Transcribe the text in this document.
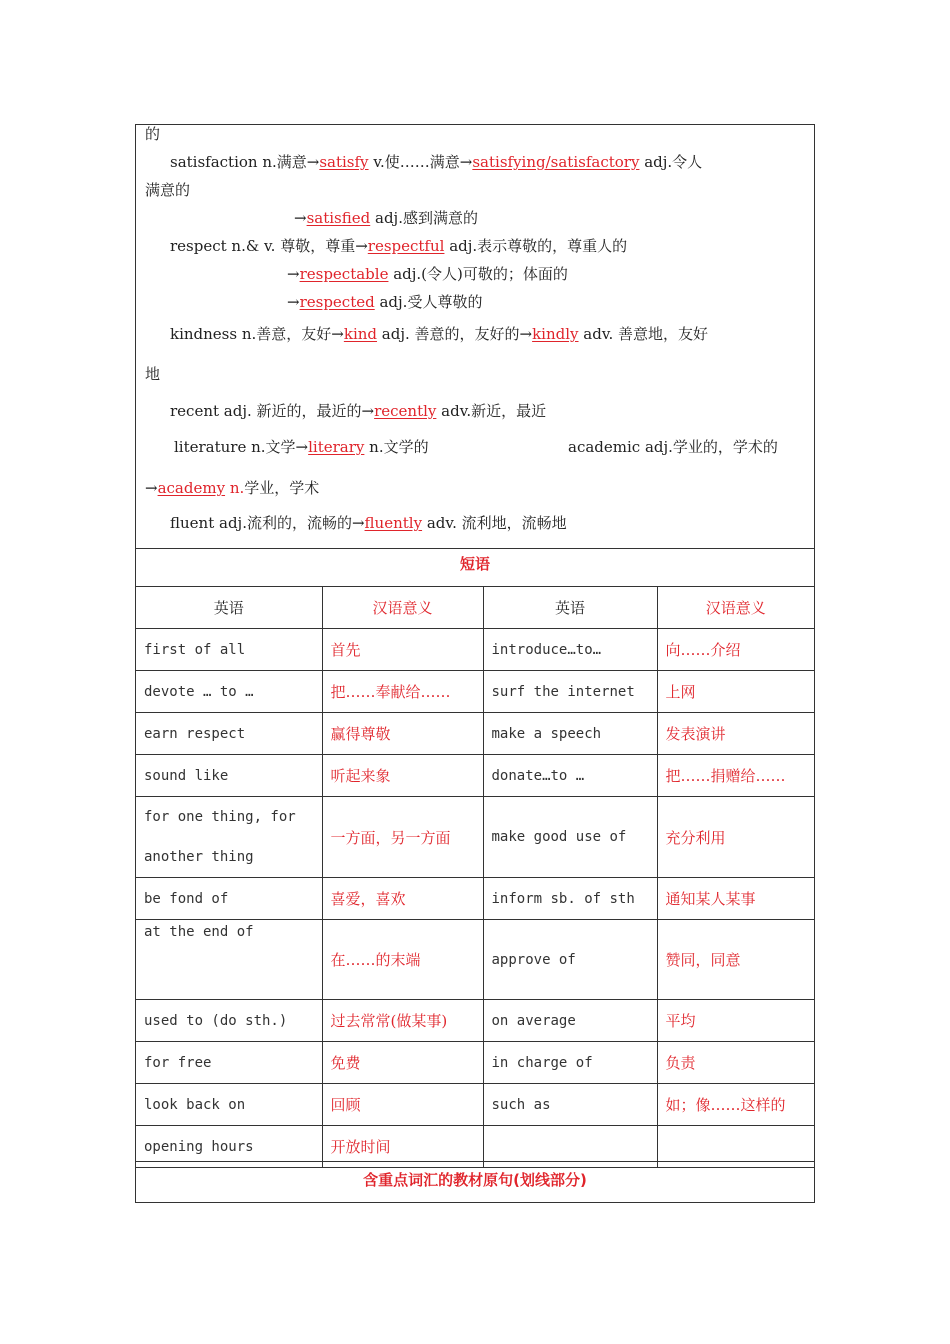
的
satisfaction n.满意→satisfy v.使……满意→satisfying/satisfactory adj.令人
满意的
→satisfied adj.感到满意的
respect n.& v. 尊敬，尊重→respectful adj.表示尊敬的，尊重人的
→respectable adj.(令人)可敬的；体面的
→respected adj.受人尊敬的
kindness n.善意，友好→kind adj. 善意的，友好的→kindly adv. 善意地，友好
地
recent adj. 新近的，最近的→recently adv.新近，最近
literature n.文学→literary n.文学的	academic adj.学业的，学术的
→academy n.学业，学术
fluent adj.流利的，流畅的→fluently adv. 流利地，流畅地
短语
英语	汉语意义	英语	汉语意义
first of all	首先	introduce…to…	向……介绍
devote … to …	把……奉献给……	surf the internet	上网
earn respect	赢得尊敬	make a speech	发表演讲
sound like	听起来象	donate…to …	把……捐赠给……
for one thing, for another thing	一方面，另一方面	make good use of	充分利用
be fond of	喜爱，喜欢	inform sb. of sth	通知某人某事
at the end of	在……的末端	approve of	赞同，同意
used to (do sth.)	过去常常(做某事)	on average	平均
for free	免费	in charge of	负责
look back on	回顾	such as	如；像……这样的
opening hours	开放时间		
含重点词汇的教材原句(划线部分)
